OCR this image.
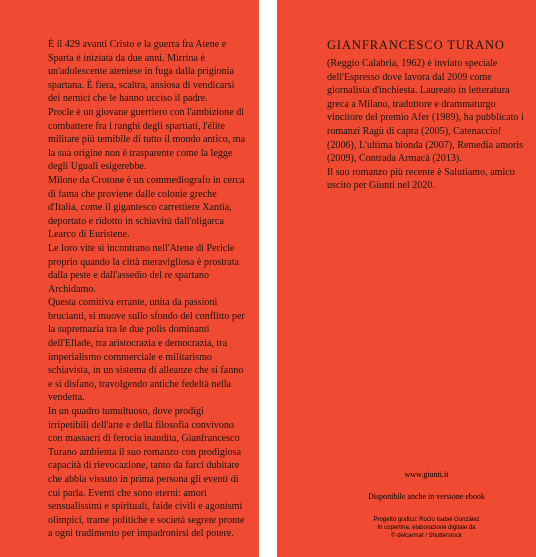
È il 429 avanti Cristo e la guerra fra Atene e Sparta è iniziata da due anni. Mirrina è un'adolescente ateniese in fuga dalla prigionia spartana. È fiera, scaltra, ansiosa di vendicarsi dei nemici che le hanno ucciso il padre.

Procle è un giovane guerriero con l'ambizione di combattere fra i ranghi degli spartiati, l'élite militare più temibile di tutto il mondo antico, ma la sua origine non è trasparente come la legge degli Uguali esigerebbe.

Milone da Crotone è un commediografo in cerca di fama che proviene dalle colonie greche d'Italia, come il gigantesco carrettiere Xantia, deportato e ridotto in schiavitù dall'oligarca Learco di Euristene.

Le loro vite si incontrano nell'Atene di Pericle proprio quando la città meravigliosa è prostrata dalla peste e dall'assedio del re spartano Archidamo.

Questa comitiva errante, unita da passioni brucianti, si muove sullo sfondo del conflitto per la supremazia tra le due polis dominanti dell'Ellade, tra aristocrazia e democrazia, tra imperialismo commerciale e militarismo schiavista, in un sistema di alleanze che si fanno e si disfano, travolgendo antiche fedeltà nella vendetta.

In un quadro tumultuoso, dove prodigi irripetibili dell'arte e della filosofia convivono con massacri di ferocia inaudita, Gianfrancesco Turano ambienta il suo romanzo con prodigiosa capacità di rievocazione, tanto da farci dubitare che abbia vissuto in prima persona gli eventi di cui parla. Eventi che sono eterni: amori sensualissimi e spirituali, faide civili e agonismi olimpici, trame politiche e società segrete pronte a ogni tradimento per impadronirsi del potere.

GIANFRANCESCO TURANO

(Reggio Calabria, 1962) è inviato speciale dell'Espresso dove lavora dal 2009 come giornalista d'inchiesta. Laureato in letteratura greca a Milano, traduttore e drammaturgo vincitore del premio Afer (1989), ha pubblicato i romanzi Ragù di capra (2005), Catenaccio! (2006), L'ultima bionda (2007), Remedia amoris (2009), Contrada Armacà (2013).

Il suo romanzo più recente è Salutiamo, amico uscito per Giunti nel 2020.

www.giunti.it
Disponibile anche in versione ebook
Progetto grafico: Rocío Isabel González
In copertina: elaborazione digitale da
© delcarmat / Shutterstock
